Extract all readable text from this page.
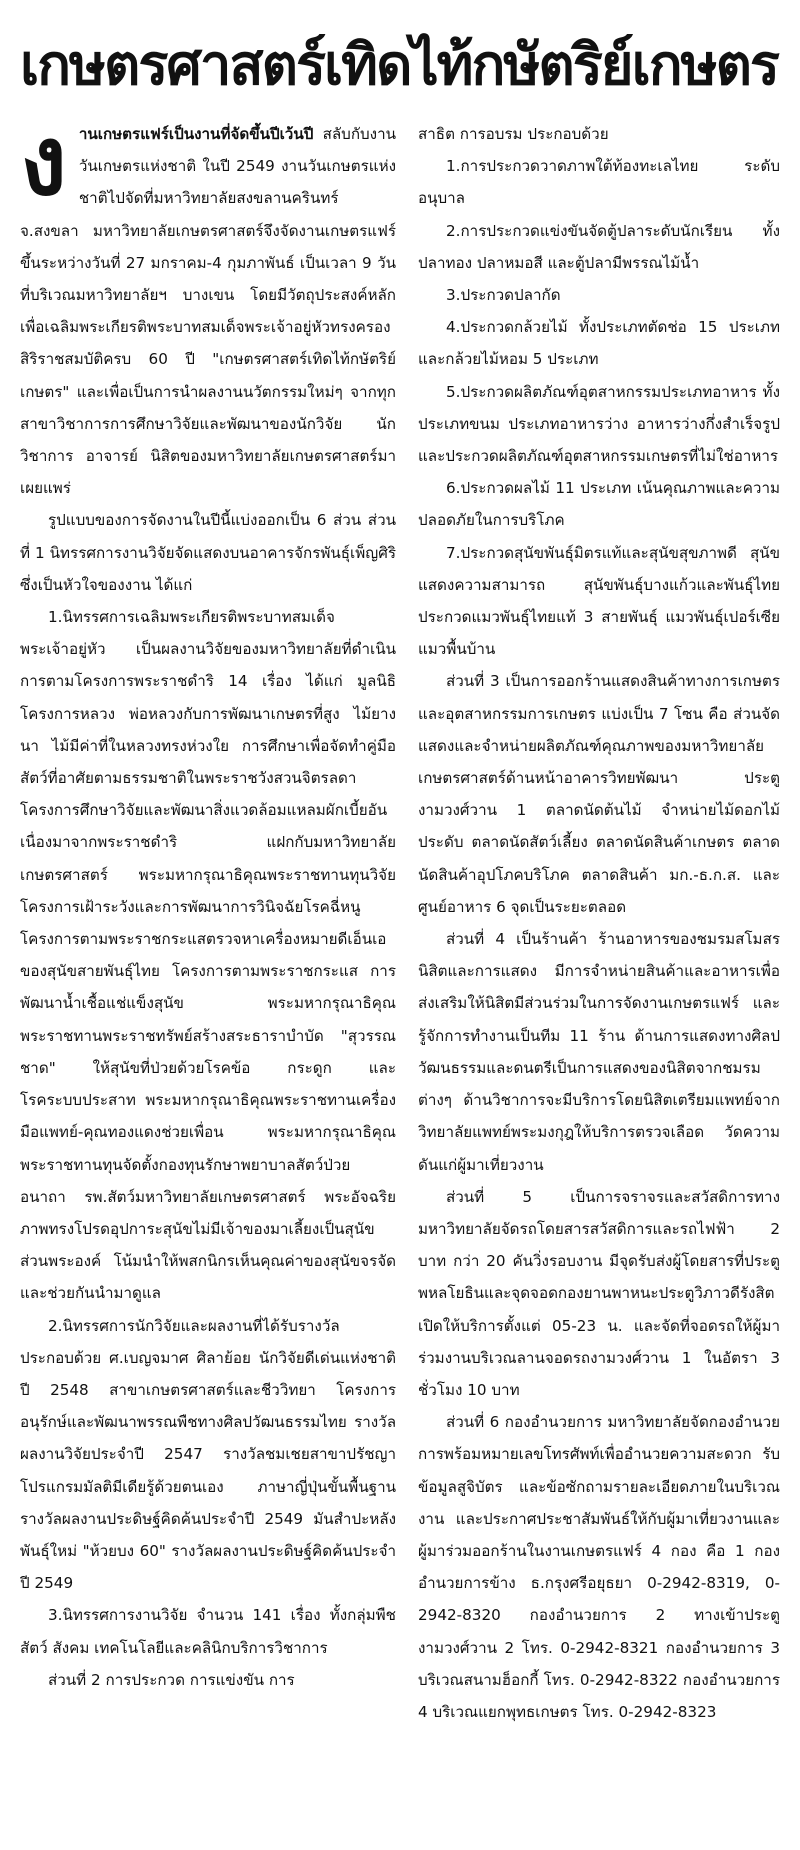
เกษตรศาสตร์เทิดไท้กษัตริย์เกษตร

งานเกษตรแฟร์เป็นงานที่จัดขึ้นปีเว้นปี สลับกับงานวันเกษตรแห่งชาติ ในปี 2549 งานวันเกษตรแห่งชาติไปจัดที่มหาวิทยาลัยสงขลานครินทร์ จ.สงขลา มหาวิทยาลัยเกษตรศาสตร์จึงจัดงานเกษตรแฟร์ ขึ้นระหว่างวันที่ 27 มกราคม-4 กุมภาพันธ์ เป็นเวลา 9 วัน ที่บริเวณมหาวิทยาลัยฯ บางเขน โดยมีวัตถุประสงค์หลักเพื่อเฉลิมพระเกียรติพระบาทสมเด็จพระเจ้าอยู่หัวทรงครองสิริราชสมบัติครบ 60 ปี "เกษตรศาสตร์เทิดไท้กษัตริย์เกษตร" และเพื่อเป็นการนำผลงานนวัตกรรมใหม่ๆ จากทุกสาขาวิชาการการศึกษาวิจัยและพัฒนาของนักวิจัย นักวิชาการ อาจารย์ นิสิตของมหาวิทยาลัยเกษตรศาสตร์มาเผยแพร่

รูปแบบของการจัดงานในปีนี้แบ่งออกเป็น 6 ส่วน ส่วนที่ 1 นิทรรศการงานวิจัยจัดแสดงบนอาคารจักรพันธ์ุเพ็ญศิริ ซึ่งเป็นหัวใจของงาน ได้แก่

1.นิทรรศการเฉลิมพระเกียรติพระบาทสมเด็จพระเจ้าอยู่หัว เป็นผลงานวิจัยของมหาวิทยาลัยที่ดำเนินการตามโครงการพระราชดำริ 14 เรื่อง ได้แก่ มูลนิธิโครงการหลวง พ่อหลวงกับการพัฒนาเกษตรที่สูง ไม้ยางนา ไม้มีค่าที่ในหลวงทรงห่วงใย การศึกษาเพื่อจัดทำคู่มือสัตว์ที่อาศัยตามธรรมชาติในพระราชวังสวนจิตรลดา โครงการศึกษาวิจัยและพัฒนาสิ่งแวดล้อมแหลมผักเบี้ยอันเนื่องมาจากพระราชดำริ แฝกกับมหาวิทยาลัยเกษตรศาสตร์ พระมหากรุณาธิคุณพระราชทานทุนวิจัยโครงการเฝ้าระวังและการพัฒนาการวินิจฉัยโรคฉี่หนู โครงการตามพระราชกระแสตรวจหาเครื่องหมายดีเอ็นเอของสุนัขสายพันธุ์ไทย โครงการตามพระราชกระแส การพัฒนาน้ำเชื้อแช่แข็งสุนัข พระมหากรุณาธิคุณพระราชทานพระราชทรัพย์สร้างสระธาราบำบัด "สุวรรณชาด" ให้สุนัขที่ป่วยด้วยโรคข้อ กระดูก และโรคระบบประสาท พระมหากรุณาธิคุณพระราชทานเครื่องมือแพทย์-คุณทองแดงช่วยเพื่อน พระมหากรุณาธิคุณพระราชทานทุนจัดตั้งกองทุนรักษาพยาบาลสัตว์ป่วยอนาถา รพ.สัตว์มหาวิทยาลัยเกษตรศาสตร์ พระอัจฉริยภาพทรงโปรดอุปการะสุนัขไม่มีเจ้าของมาเลี้ยงเป็นสุนัขส่วนพระองค์ โน้มนำให้พสกนิกรเห็นคุณค่าของสุนัขจรจัดและช่วยกันนำมาดูแล

2.นิทรรศการนักวิจัยและผลงานที่ได้รับรางวัล ประกอบด้วย ศ.เบญจมาศ ศิลาย้อย นักวิจัยดีเด่นแห่งชาติ ปี 2548 สาขาเกษตรศาสตร์และชีววิทยา โครงการอนุรักษ์และพัฒนาพรรณพืชทางศิลปวัฒนธรรมไทย รางวัลผลงานวิจัยประจำปี 2547 รางวัลชมเชยสาขาปรัชญา โปรแกรมมัลติมีเดียรู้ด้วยตนเอง ภาษาญี่ปุ่นขั้นพื้นฐาน รางวัลผลงานประดิษฐ์คิดค้นประจำปี 2549 มันสำปะหลังพันธุ์ใหม่ "ห้วยบง 60" รางวัลผลงานประดิษฐ์คิดค้นประจำปี 2549

3.นิทรรศการงานวิจัย จำนวน 141 เรื่อง ทั้งกลุ่มพืช สัตว์ สังคม เทคโนโลยีและคลินิกบริการวิชาการ

ส่วนที่ 2 การประกวด การแข่งขัน การ

สาธิต การอบรม ประกอบด้วย

1.การประกวดวาดภาพใต้ท้องทะเลไทย ระดับอนุบาล

2.การประกวดแข่งขันจัดตู้ปลาระดับนักเรียน ทั้งปลาทอง ปลาหมอสี และตู้ปลามีพรรณไม้น้ำ

3.ประกวดปลากัด

4.ประกวดกล้วยไม้ ทั้งประเภทตัดช่อ 15 ประเภท และกล้วยไม้หอม 5 ประเภท

5.ประกวดผลิตภัณฑ์อุตสาหกรรมประเภทอาหาร ทั้งประเภทขนม ประเภทอาหารว่าง อาหารว่างกึ่งสำเร็จรูป และประกวดผลิตภัณฑ์อุตสาหกรรมเกษตรที่ไม่ใช่อาหาร

6.ประกวดผลไม้ 11 ประเภท เน้นคุณภาพและความปลอดภัยในการบริโภค

7.ประกวดสุนัขพันธุ์มิตรแท้และสุนัขสุขภาพดี สุนัขแสดงความสามารถ สุนัขพันธุ์บางแก้วและพันธุ์ไทย ประกวดแมวพันธุ์ไทยแท้ 3 สายพันธุ์ แมวพันธุ์เปอร์เซีย แมวพื้นบ้าน

ส่วนที่ 3 เป็นการออกร้านแสดงสินค้าทางการเกษตรและอุตสาหกรรมการเกษตร แบ่งเป็น 7 โซน คือ ส่วนจัดแสดงและจำหน่ายผลิตภัณฑ์คุณภาพของมหาวิทยาลัยเกษตรศาสตร์ด้านหน้าอาคารวิทยพัฒนา ประตูงามวงศ์วาน 1 ตลาดนัดต้นไม้ จำหน่ายไม้ดอกไม้ประดับ ตลาดนัดสัตว์เลี้ยง ตลาดนัดสินค้าเกษตร ตลาดนัดสินค้าอุปโภคบริโภค ตลาดสินค้า มก.-ธ.ก.ส. และศูนย์อาหาร 6 จุดเป็นระยะตลอด

ส่วนที่ 4 เป็นร้านค้า ร้านอาหารของชมรมสโมสรนิสิตและการแสดง มีการจำหน่ายสินค้าและอาหารเพื่อส่งเสริมให้นิสิตมีส่วนร่วมในการจัดงานเกษตรแฟร์ และรู้จักการทำงานเป็นทีม 11 ร้าน ด้านการแสดงทางศิลปวัฒนธรรมและดนตรีเป็นการแสดงของนิสิตจากชมรมต่างๆ ด้านวิชาการจะมีบริการโดยนิสิตเตรียมแพทย์จากวิทยาลัยแพทย์พระมงกุฎให้บริการตรวจเลือด วัดความดันแก่ผู้มาเที่ยวงาน

ส่วนที่ 5 เป็นการจราจรและสวัสดิการทางมหาวิทยาลัยจัดรถโดยสารสวัสดิการและรถไฟฟ้า 2 บาท กว่า 20 คันวิ่งรอบงาน มีจุดรับส่งผู้โดยสารที่ประตูพหลโยธินและจุดจอดกองยานพาหนะประตูวิภาวดีรังสิตเปิดให้บริการตั้งแต่ 05-23 น. และจัดที่จอดรถให้ผู้มาร่วมงานบริเวณลานจอดรถงามวงศ์วาน 1 ในอัตรา 3 ชั่วโมง 10 บาท

ส่วนที่ 6 กองอำนวยการ มหาวิทยาลัยจัดกองอำนวยการพร้อมหมายเลขโทรศัพท์เพื่ออำนวยความสะดวก รับข้อมูลสูจิบัตร และข้อซักถามรายละเอียดภายในบริเวณงาน และประกาศประชาสัมพันธ์ให้กับผู้มาเที่ยวงานและผู้มาร่วมออกร้านในงานเกษตรแฟร์ 4 กอง คือ 1 กองอำนวยการข้าง ธ.กรุงศรีอยุธยา 0-2942-8319, 0-2942-8320 กองอำนวยการ 2 ทางเข้าประตูงามวงศ์วาน 2 โทร. 0-2942-8321 กองอำนวยการ 3 บริเวณสนามฮ็อกกี้ โทร. 0-2942-8322 กองอำนวยการ 4 บริเวณแยกพุทธเกษตร โทร. 0-2942-8323
